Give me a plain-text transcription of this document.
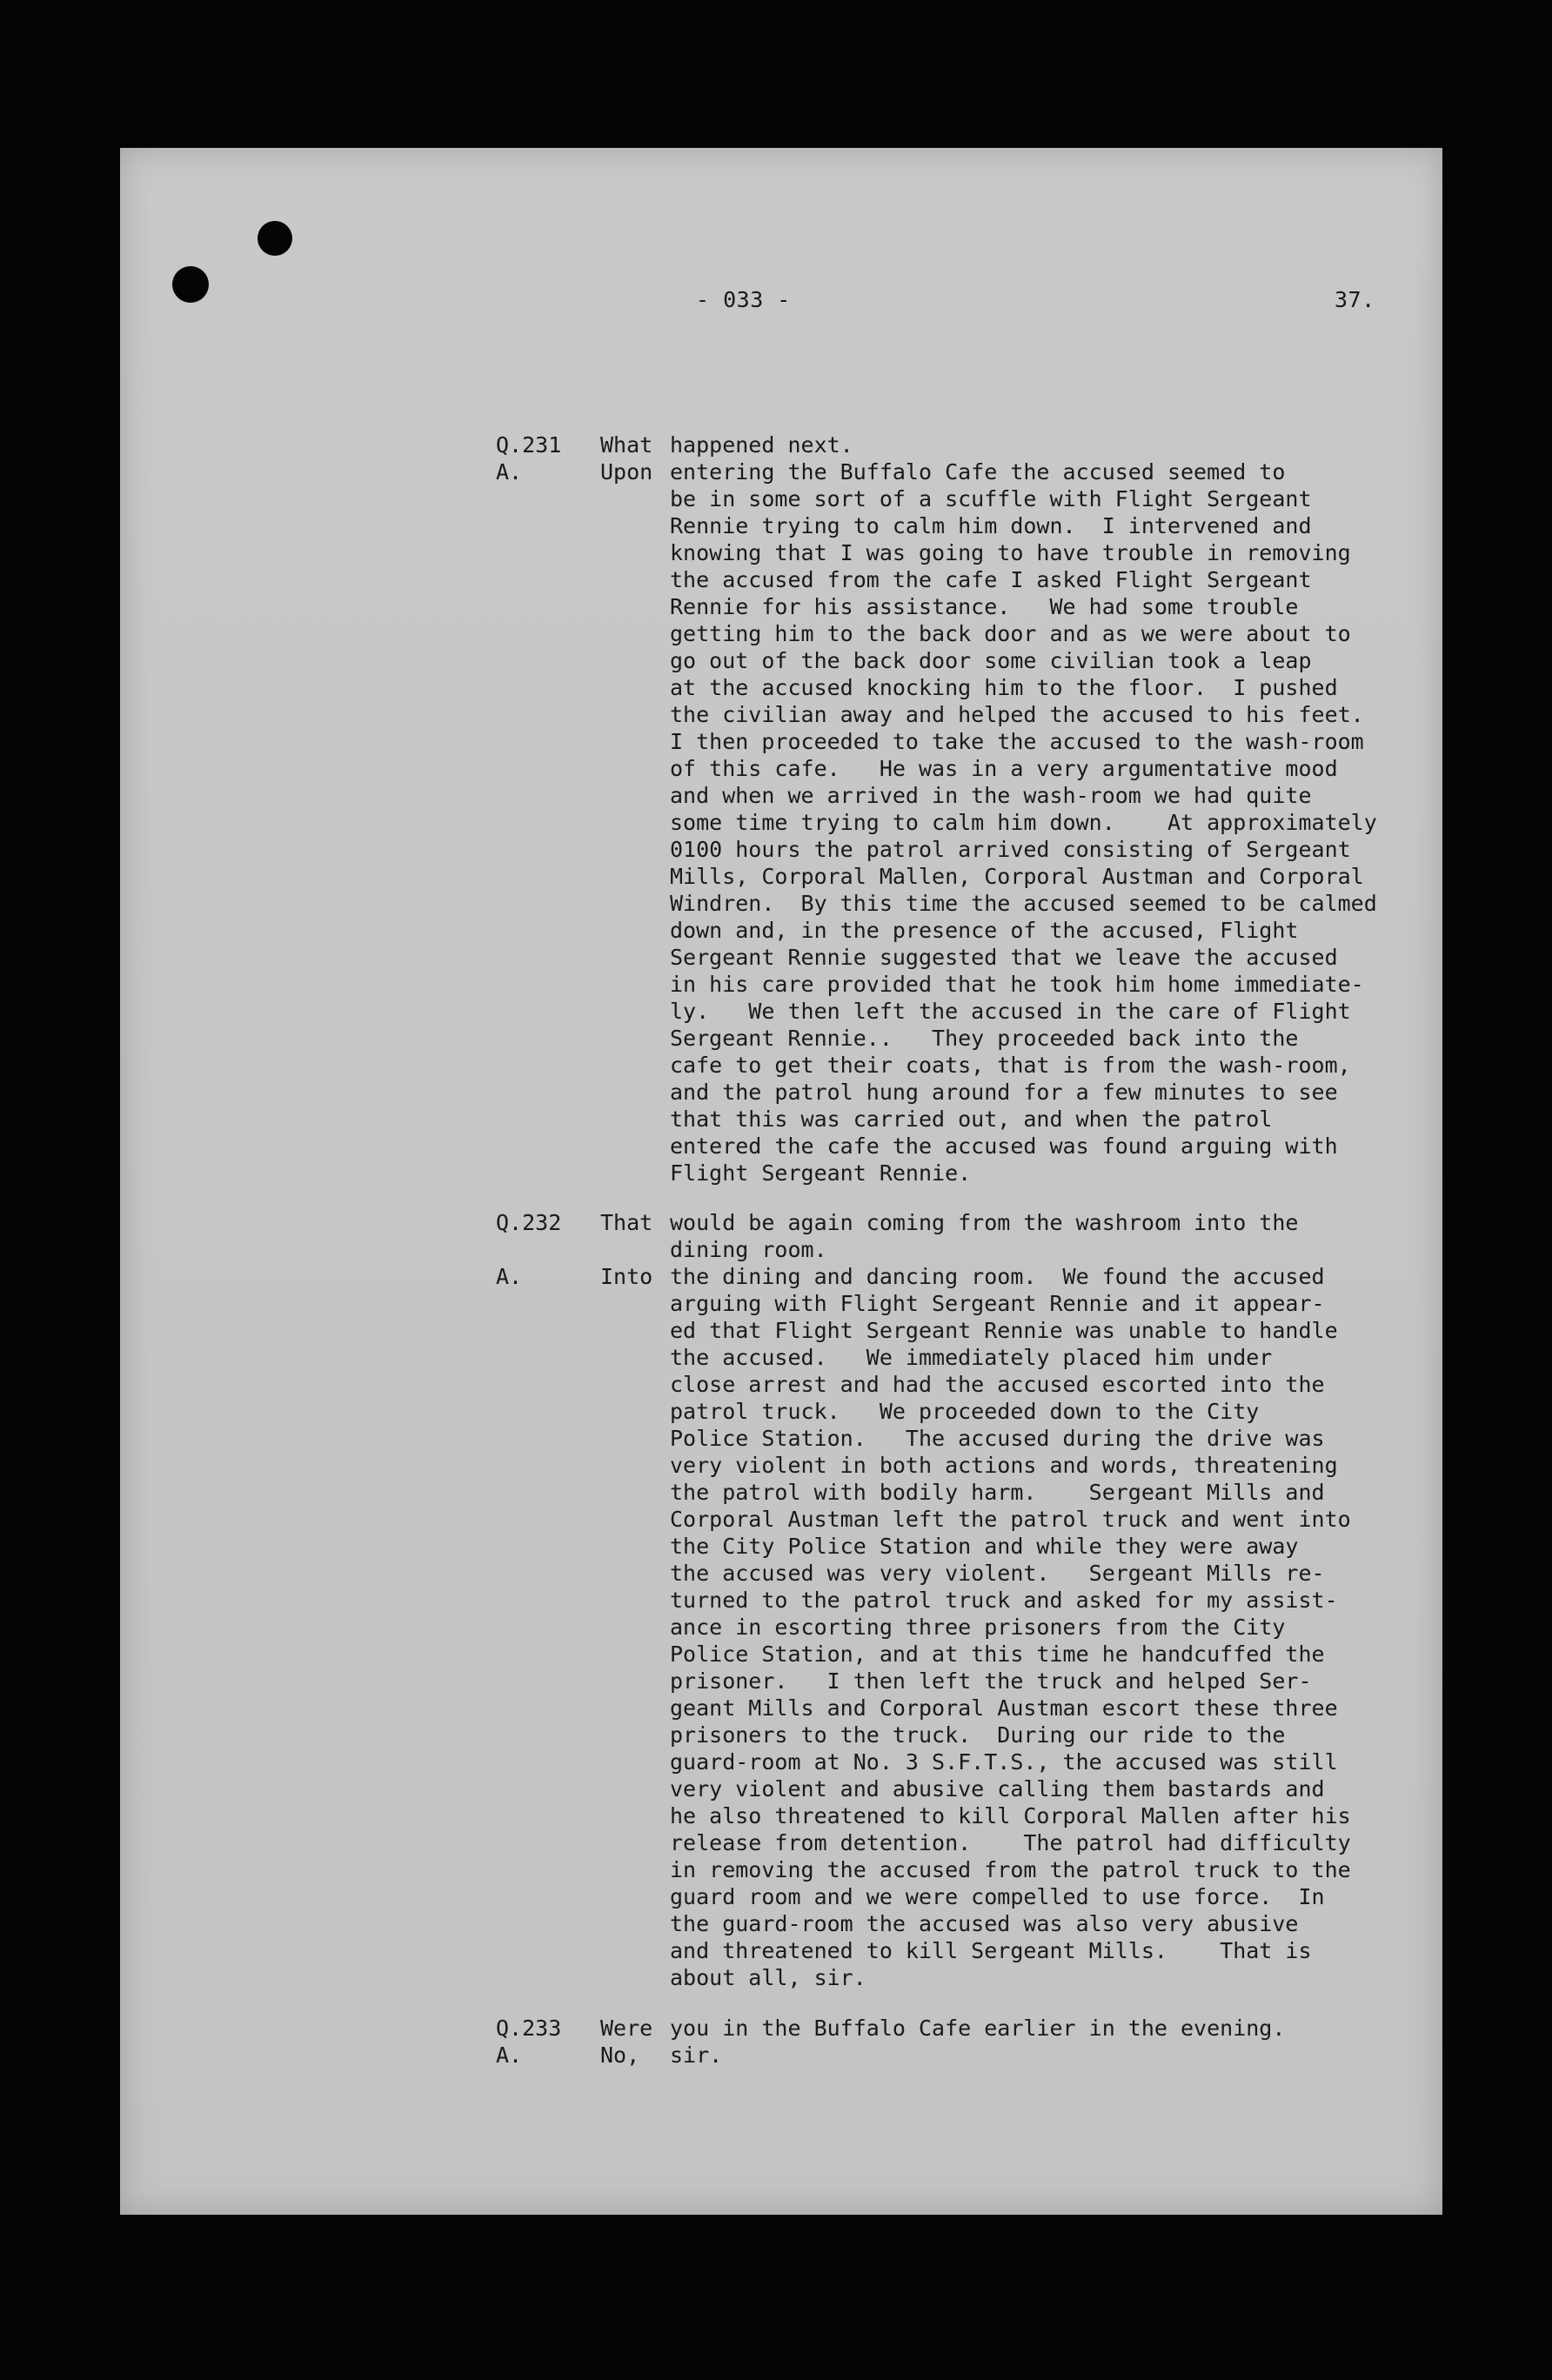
- 033 -	37.
Q.231	What happened next.
A.	Upon entering the Buffalo Cafe the accused seemed to
be in some sort of a scuffle with Flight Sergeant
Rennie trying to calm him down.  I intervened and
knowing that I was going to have trouble in removing
the accused from the cafe I asked Flight Sergeant
Rennie for his assistance.   We had some trouble
getting him to the back door and as we were about to
go out of the back door some civilian took a leap
at the accused knocking him to the floor.  I pushed
the civilian away and helped the accused to his feet.
I then proceeded to take the accused to the wash-room
of this cafe.   He was in a very argumentative mood
and when we arrived in the wash-room we had quite
some time trying to calm him down.    At approximately
0100 hours the patrol arrived consisting of Sergeant
Mills, Corporal Mallen, Corporal Austman and Corporal
Windren.  By this time the accused seemed to be calmed
down and, in the presence of the accused, Flight
Sergeant Rennie suggested that we leave the accused
in his care provided that he took him home immediate-
ly.   We then left the accused in the care of Flight
Sergeant Rennie..   They proceeded back into the
cafe to get their coats, that is from the wash-room,
and the patrol hung around for a few minutes to see
that this was carried out, and when the patrol
entered the cafe the accused was found arguing with
Flight Sergeant Rennie.
Q.232	That would be again coming from the washroom into the
dining room.
A.	Into the dining and dancing room.  We found the accused
arguing with Flight Sergeant Rennie and it appear-
ed that Flight Sergeant Rennie was unable to handle
the accused.   We immediately placed him under
close arrest and had the accused escorted into the
patrol truck.   We proceeded down to the City
Police Station.   The accused during the drive was
very violent in both actions and words, threatening
the patrol with bodily harm.    Sergeant Mills and
Corporal Austman left the patrol truck and went into
the City Police Station and while they were away
the accused was very violent.   Sergeant Mills re-
turned to the patrol truck and asked for my assist-
ance in escorting three prisoners from the City
Police Station, and at this time he handcuffed the
prisoner.   I then left the truck and helped Ser-
geant Mills and Corporal Austman escort these three
prisoners to the truck.  During our ride to the
guard-room at No. 3 S.F.T.S., the accused was still
very violent and abusive calling them bastards and
he also threatened to kill Corporal Mallen after his
release from detention.    The patrol had difficulty
in removing the accused from the patrol truck to the
guard room and we were compelled to use force.  In
the guard-room the accused was also very abusive
and threatened to kill Sergeant Mills.    That is
about all, sir.
Q.233	Were you in the Buffalo Cafe earlier in the evening.
A.	No,	sir.
